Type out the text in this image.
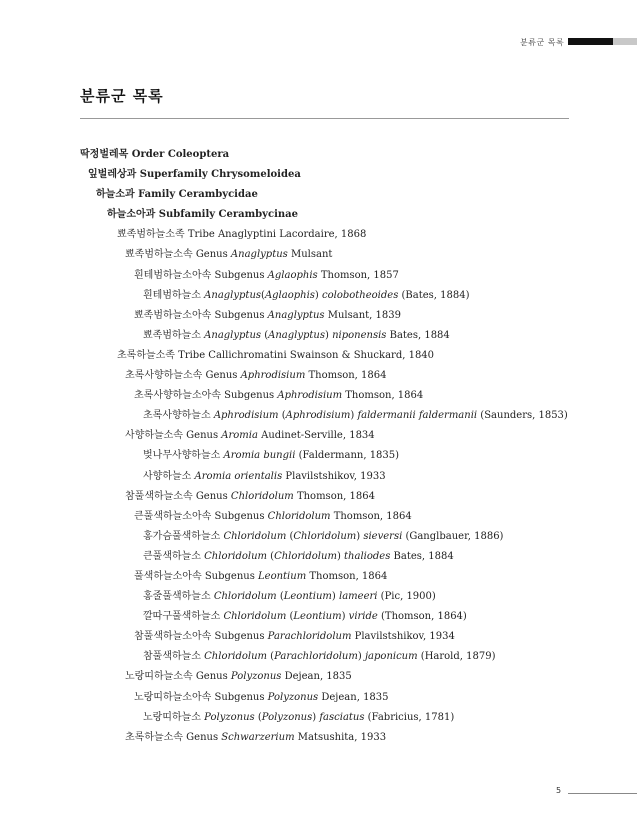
분류군 목록
분류군 목록
딱정벌레목 Order Coleoptera
잎벌레상과 Superfamily Chrysomeloidea
하늘소과 Family Cerambycidae
하늘소아과 Subfamily Cerambycinae
뾰족범하늘소족 Tribe Anaglyptini Lacordaire, 1868
뾰족범하늘소속 Genus Anaglyptus Mulsant
흰테범하늘소아속 Subgenus Aglaophis Thomson, 1857
흰테범하늘소 Anaglyptus(Aglaophis) colobotheoides (Bates, 1884)
뾰족범하늘소아속 Subgenus Anaglyptus Mulsant, 1839
뾰족범하늘소 Anaglyptus (Anaglyptus) niponensis Bates, 1884
초록하늘소족 Tribe Callichromatini Swainson & Shuckard, 1840
초록사향하늘소속 Genus Aphrodisium Thomson, 1864
초록사향하늘소아속 Subgenus Aphrodisium Thomson, 1864
초록사향하늘소 Aphrodisium (Aphrodisium) faldermanii faldermanii (Saunders, 1853)
사향하늘소속 Genus Aromia Audinet-Serville, 1834
벚나무사향하늘소 Aromia bungii (Faldermann, 1835)
사향하늘소 Aromia orientalis Plavilstshikov, 1933
참풀색하늘소속 Genus Chloridolum Thomson, 1864
큰풀색하늘소아속 Subgenus Chloridolum Thomson, 1864
홍가슴풀색하늘소 Chloridolum (Chloridolum) sieversi (Ganglbauer, 1886)
큰풀색하늘소 Chloridolum (Chloridolum) thaliodes Bates, 1884
풀색하늘소아속 Subgenus Leontium Thomson, 1864
홍줄풀색하늘소 Chloridolum (Leontium) lameeri (Pic, 1900)
깔따구풀색하늘소 Chloridolum (Leontium) viride (Thomson, 1864)
참풀색하늘소아속 Subgenus Parachloridolum Plavilstshikov, 1934
참풀색하늘소 Chloridolum (Parachloridolum) japonicum (Harold, 1879)
노랑띠하늘소속 Genus Polyzonus Dejean, 1835
노랑띠하늘소아속 Subgenus Polyzonus Dejean, 1835
노랑띠하늘소 Polyzonus (Polyzonus) fasciatus (Fabricius, 1781)
초록하늘소속 Genus Schwarzerium Matsushita, 1933
5
